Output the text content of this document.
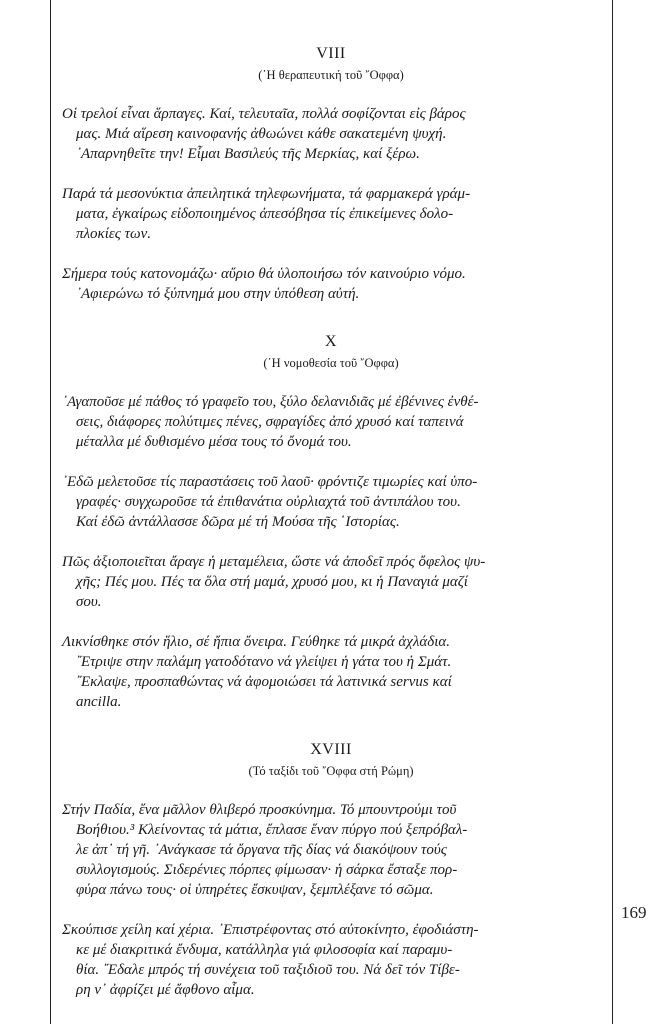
169

VIII

(᾽Η θεραπευτική τοῦ ῎Οφφα)

Οἱ τρελοί εἶναι ἅρπαγες. Καί, τελευταῖα, πολλά σοφίζονται εἰς βάρος
μας. Μιά αἵρεση καινοφανής ἀθωώνει κάθε σακατεμένη ψυχή.
᾽Απαρνηθεῖτε την! Εἶμαι Βασιλεύς τῆς Μερκίας, καί ξέρω.

Παρά τά μεσονύκτια ἀπειλητικά τηλεφωνήματα, τά φαρμακερά γράμ-
ματα, ἐγκαίρως εἰδοποιημένος ἀπεσόβησα τίς ἐπικείμενες δολο-
πλοκίες των.

Σήμερα τούς κατονομάζω· αὔριο θά ὑλοποιήσω τόν καινούριο νόμο.
᾽Αφιερώνω τό ξύπνημά μου στην ὑπόθεση αὐτή.

X

(᾽Η νομοθεσία τοῦ ῎Οφφα)

᾽Αγαποῦσε μέ πάθος τό γραφεῖο του, ξύλο δελανιδιᾶς μέ ἐβένινες ἐνθέ-
σεις, διάφορες πολύτιμες πένες, σφραγίδες ἀπό χρυσό καί ταπεινά
μέταλλα μέ δυθισμένο μέσα τους τό ὄνομά του.

᾽Εδῶ μελετοῦσε τίς παραστάσεις τοῦ λαοῦ· φρόντιζε τιμωρίες καί ὑπο-
γραφές· συγχωροῦσε τά ἐπιθανάτια οὐρλιαχτά τοῦ ἀντιπάλου του.
Καί ἐδῶ ἀντάλλασσε δῶρα μέ τή Μούσα τῆς ῾Ιστορίας.

Πῶς ἀξιοποιεῖται ἄραγε ἡ μεταμέλεια, ὥστε νά ἀποδεῖ πρός ὄφελος ψυ-
χῆς; Πές μου. Πές τα ὅλα στή μαμά, χρυσό μου, κι ἡ Παναγιά μαζί
σου.

Λικνίσθηκε στόν ἥλιο, σέ ἤπια ὄνειρα. Γεύθηκε τά μικρά ἀχλάδια.
῎Ετριψε στην παλάμη γατοδότανο νά γλείψει ἡ γάτα του ἡ Σμάτ.
῎Εκλαψε, προσπαθώντας νά ἀφομοιώσει τά λατινικά servus καί
ancilla.

XVIII

(Τό ταξίδι τοῦ ῎Οφφα στή Ρώμη)

Στήν Παδία, ἕνα μᾶλλον θλιβερό προσκύνημα. Τό μπουντρούμι τοῦ
Βοήθιου.³ Κλείνοντας τά μάτια, ἔπλασε ἕναν πύργο πού ξεπρόβαλ-
λε ἀπ᾽ τή γῆ. ᾽Ανάγκασε τά ὄργανα τῆς δίας νά διακόψουν τούς
συλλογισμούς. Σιδερένιες πόρπες φίμωσαν· ἡ σάρκα ἔσταξε πορ-
φύρα πάνω τους· οἱ ὑπηρέτες ἔσκυψαν, ξεμπλέξανε τό σῶμα.

Σκούπισε χείλη καί χέρια. ᾽Επιστρέφοντας στό αὐτοκίνητο, ἐφοδιάστη-
κε μέ διακριτικά ἔνδυμα, κατάλληλα γιά φιλοσοφία καί παραμυ-
θία. ῎Εδαλε μπρός τή συνέχεια τοῦ ταξιδιοῦ του. Νά δεῖ τόν Τίβε-
ρη ν᾽ ἀφρίζει μέ ἄφθονο αἷμα.
